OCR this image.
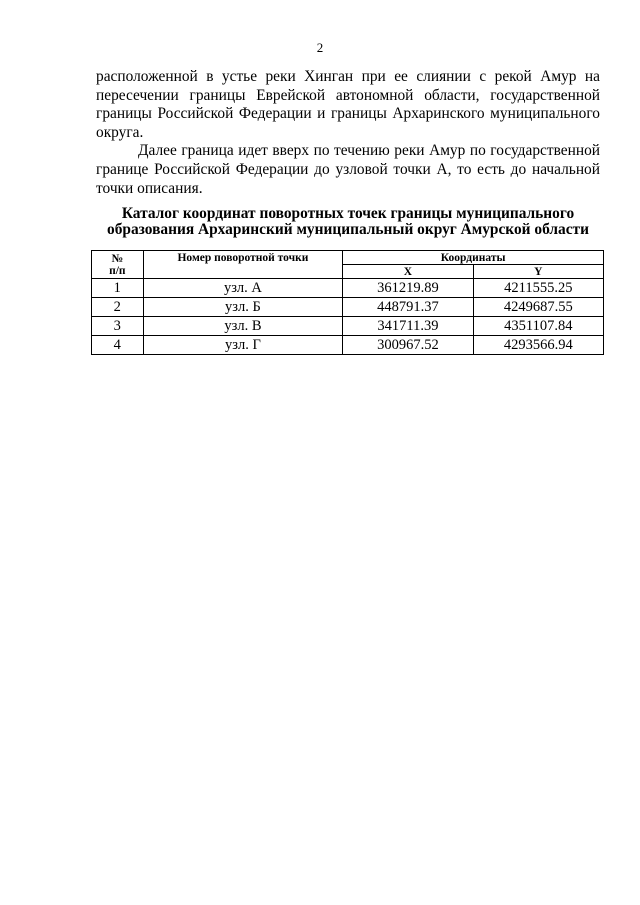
2

расположенной в устье реки Хинган при ее слиянии с рекой Амур на пересечении границы Еврейской автономной области, государственной границы Российской Федерации и границы Архаринского муниципального округа.

Далее граница идет вверх по течению реки Амур по государственной границе Российской Федерации до узловой точки А, то есть до начальной точки описания.

Каталог координат поворотных точек границы муниципального
образования Архаринский муниципальный округ Амурской области
№
п/п	Номер поворотной точки	Координаты	
		X	Y
1	узл. А	361219.89	4211555.25
2	узл. Б	448791.37	4249687.55
3	узл. В	341711.39	4351107.84
4	узл. Г	300967.52	4293566.94
